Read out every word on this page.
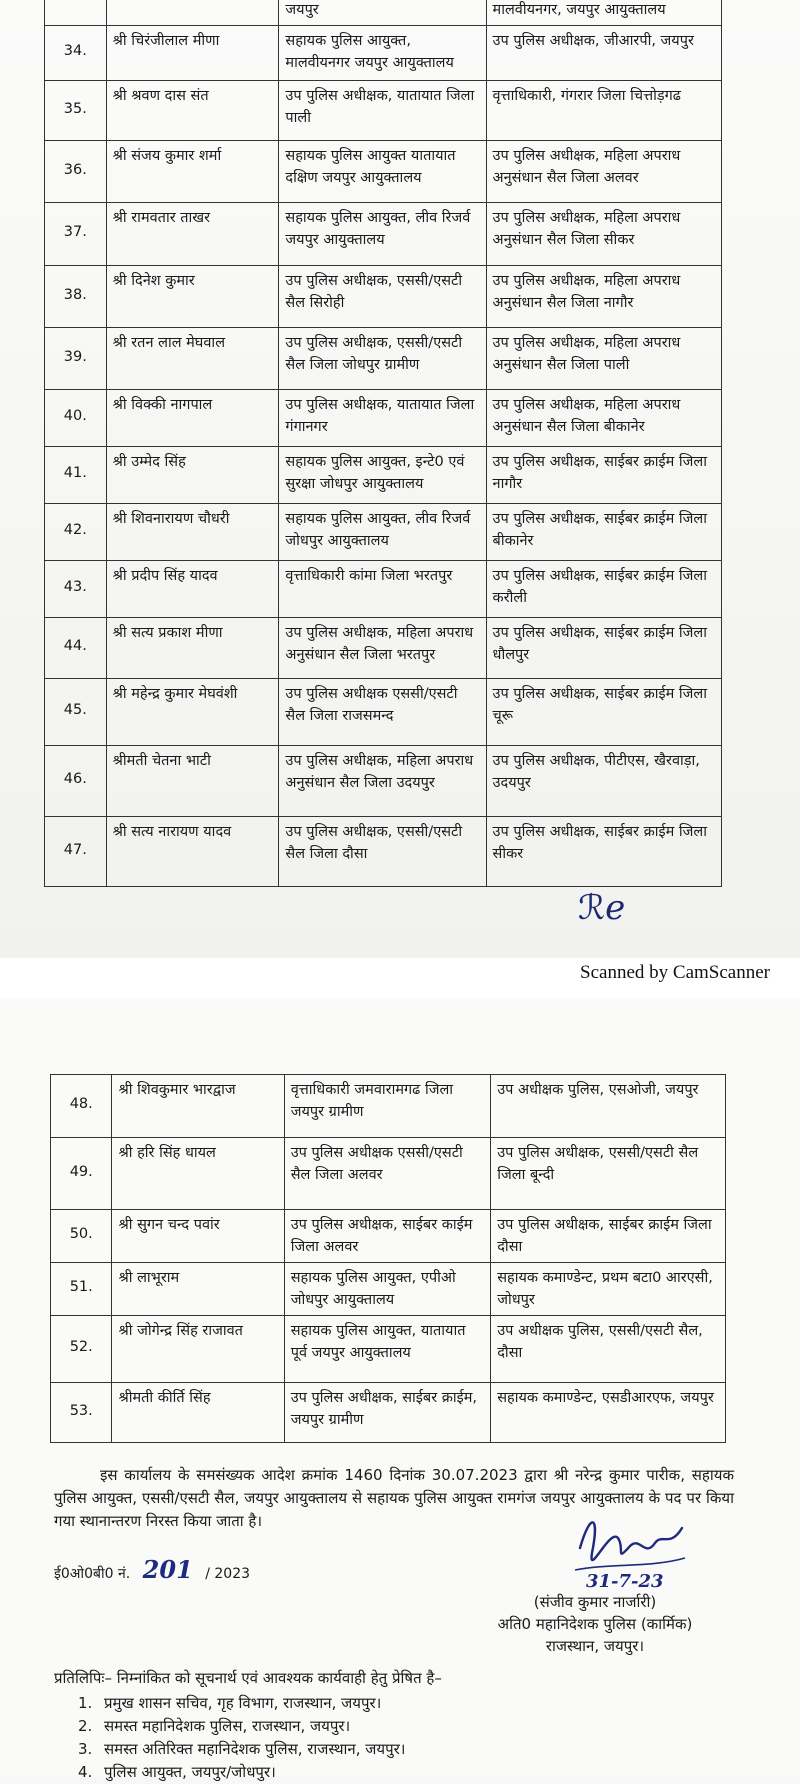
		जयपुर	मालवीयनगर, जयपुर आयुक्तालय
34.	श्री चिरंजीलाल मीणा	सहायक पुलिस आयुक्त, मालवीयनगर जयपुर आयुक्तालय	उप पुलिस अधीक्षक, जीआरपी, जयपुर
35.	श्री श्रवण दास संत	उप पुलिस अधीक्षक, यातायात जिला पाली	वृत्ताधिकारी, गंगरार जिला चित्तोड़गढ
36.	श्री संजय कुमार शर्मा	सहायक पुलिस आयुक्त यातायात दक्षिण जयपुर आयुक्तालय	उप पुलिस अधीक्षक, महिला अपराध अनुसंधान सैल जिला अलवर
37.	श्री रामवतार ताखर	सहायक पुलिस आयुक्त, लीव रिजर्व जयपुर आयुक्तालय	उप पुलिस अधीक्षक, महिला अपराध अनुसंधान सैल जिला सीकर
38.	श्री दिनेश कुमार	उप पुलिस अधीक्षक, एससी/एसटी सैल सिरोही	उप पुलिस अधीक्षक, महिला अपराध अनुसंधान सैल जिला नागौर
39.	श्री रतन लाल मेघवाल	उप पुलिस अधीक्षक, एससी/एसटी सैल जिला जोधपुर ग्रामीण	उप पुलिस अधीक्षक, महिला अपराध अनुसंधान सैल जिला पाली
40.	श्री विक्की नागपाल	उप पुलिस अधीक्षक, यातायात जिला गंगानगर	उप पुलिस अधीक्षक, महिला अपराध अनुसंधान सैल जिला बीकानेर
41.	श्री उम्मेद सिंह	सहायक पुलिस आयुक्त, इन्टे0 एवं सुरक्षा जोधपुर आयुक्तालय	उप पुलिस अधीक्षक, साईबर क्राईम जिला नागौर
42.	श्री शिवनारायण चौधरी	सहायक पुलिस आयुक्त, लीव रिजर्व जोधपुर आयुक्तालय	उप पुलिस अधीक्षक, साईबर क्राईम जिला बीकानेर
43.	श्री प्रदीप सिंह यादव	वृत्ताधिकारी कांमा जिला भरतपुर	उप पुलिस अधीक्षक, साईबर क्राईम जिला करौली
44.	श्री सत्य प्रकाश मीणा	उप पुलिस अधीक्षक, महिला अपराध अनुसंधान सैल जिला भरतपुर	उप पुलिस अधीक्षक, साईबर क्राईम जिला धौलपुर
45.	श्री महेन्द्र कुमार मेघवंशी	उप पुलिस अधीक्षक एससी/एसटी सैल जिला राजसमन्द	उप पुलिस अधीक्षक, साईबर क्राईम जिला चूरू
46.	श्रीमती चेतना भाटी	उप पुलिस अधीक्षक, महिला अपराध अनुसंधान सैल जिला उदयपुर	उप पुलिस अधीक्षक, पीटीएस, खैरवाड़ा, उदयपुर
47.	श्री सत्य नारायण यादव	उप पुलिस अधीक्षक, एससी/एसटी सैल जिला दौसा	उप पुलिस अधीक्षक, साईबर क्राईम जिला सीकर
ℛℯ
Scanned by CamScanner
48.	श्री शिवकुमार भारद्वाज	वृत्ताधिकारी जमवारामगढ जिला जयपुर ग्रामीण	उप अधीक्षक पुलिस, एसओजी, जयपुर
49.	श्री हरि सिंह धायल	उप पुलिस अधीक्षक एससी/एसटी सैल जिला अलवर	उप पुलिस अधीक्षक, एससी/एसटी सैल जिला बून्दी
50.	श्री सुगन चन्द पवांर	उप पुलिस अधीक्षक, साईबर काईम जिला अलवर	उप पुलिस अधीक्षक, साईबर क्राईम जिला दौसा
51.	श्री लाभूराम	सहायक पुलिस आयुक्त, एपीओ जोधपुर आयुक्तालय	सहायक कमाण्डेन्ट, प्रथम बटा0 आरएसी, जोधपुर
52.	श्री जोगेन्द्र सिंह राजावत	सहायक पुलिस आयुक्त, यातायात पूर्व जयपुर आयुक्तालय	उप अधीक्षक पुलिस, एससी/एसटी सैल, दौसा
53.	श्रीमती कीर्ति सिंह	उप पुलिस अधीक्षक, साईबर क्राईम, जयपुर ग्रामीण	सहायक कमाण्डेन्ट, एसडीआरएफ, जयपुर
इस कार्यालय के समसंख्यक आदेश क्रमांक 1460 दिनांक 30.07.2023 द्वारा श्री नरेन्द्र कुमार पारीक, सहायक पुलिस आयुक्त, एससी/एसटी सैल, जयपुर आयुक्तालय से सहायक पुलिस आयुक्त रामगंज जयपुर आयुक्तालय के पद पर किया गया स्थानान्तरण निरस्त किया जाता है।
ई0ओ0बी0 नं. 201 / 2023	31-7-23
(संजीव कुमार नार्जारी)
अति0 महानिदेशक पुलिस (कार्मिक)
राजस्थान, जयपुर।
प्रतिलिपिः– निम्नांकित को सूचनार्थ एवं आवश्यक कार्यवाही हेतु प्रेषित है–
1. प्रमुख शासन सचिव, गृह विभाग, राजस्थान, जयपुर।
2. समस्त महानिदेशक पुलिस, राजस्थान, जयपुर।
3. समस्त अतिरिक्त महानिदेशक पुलिस, राजस्थान, जयपुर।
4. पुलिस आयुक्त, जयपुर/जोधपुर।
